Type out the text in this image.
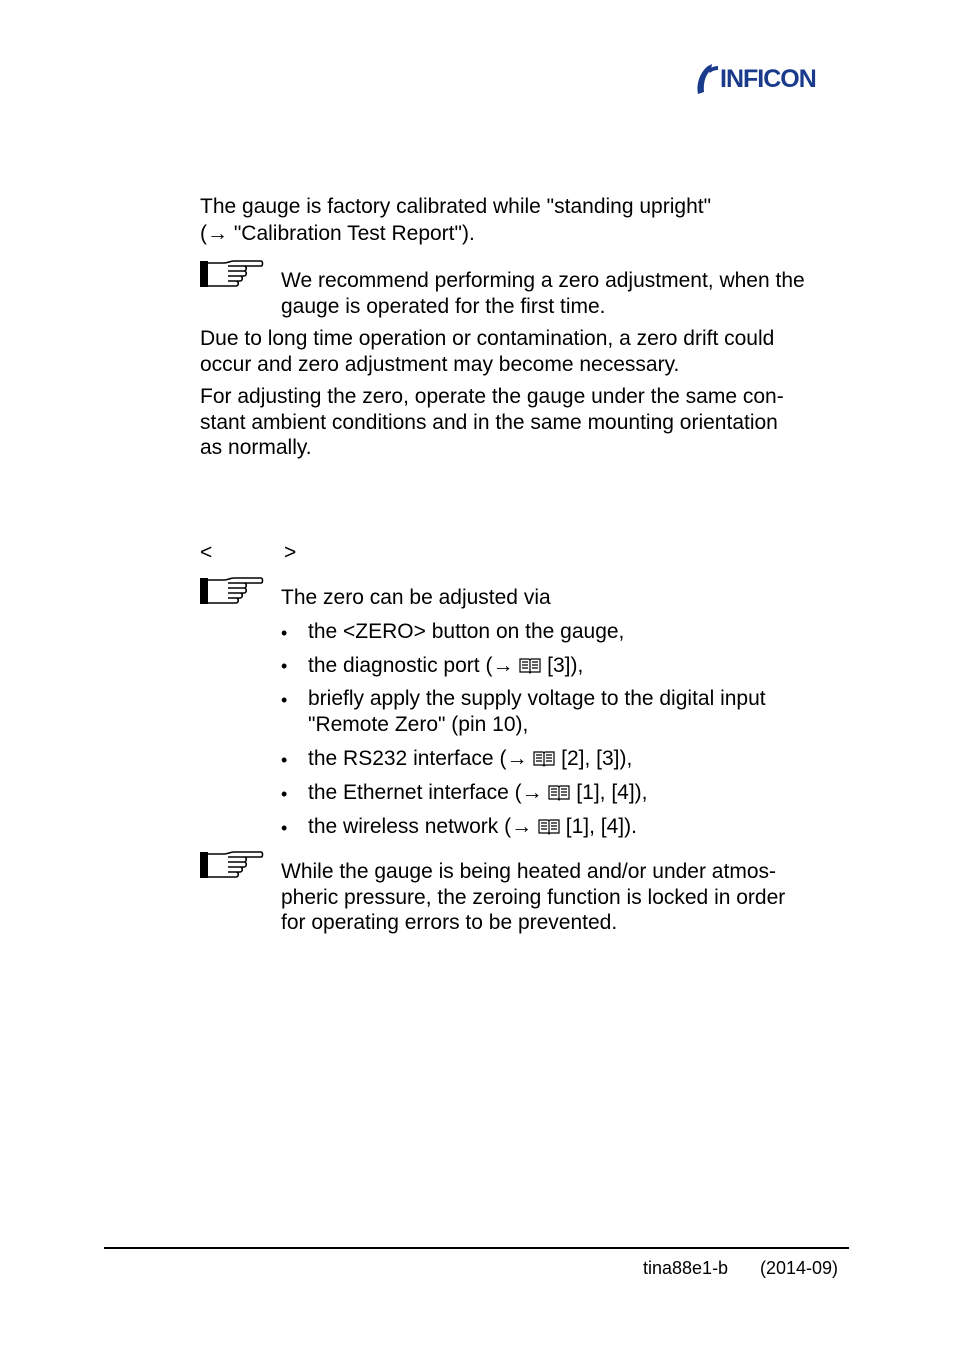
INFICON
The gauge is factory calibrated while "standing upright"
(→ "Calibration Test Report").
We recommend performing a zero adjustment, when the
gauge is operated for the first time.
Due to long time operation or contamination, a zero drift could
occur and zero adjustment may become necessary.
For adjusting the zero, operate the gauge under the same con-
stant ambient conditions and in the same mounting orientation
as normally.
<	>
The zero can be adjusted via
• the <ZERO> button on the gauge,
• the diagnostic port (→  [3]),
• briefly apply the supply voltage to the digital input
"Remote Zero" (pin 10),
• the RS232 interface (→  [2], [3]),
• the Ethernet interface (→  [1], [4]),
• the wireless network (→  [1], [4]).
While the gauge is being heated and/or under atmos-
pheric pressure, the zeroing function is locked in order
for operating errors to be prevented.
tina88e1-b (2014-09)
